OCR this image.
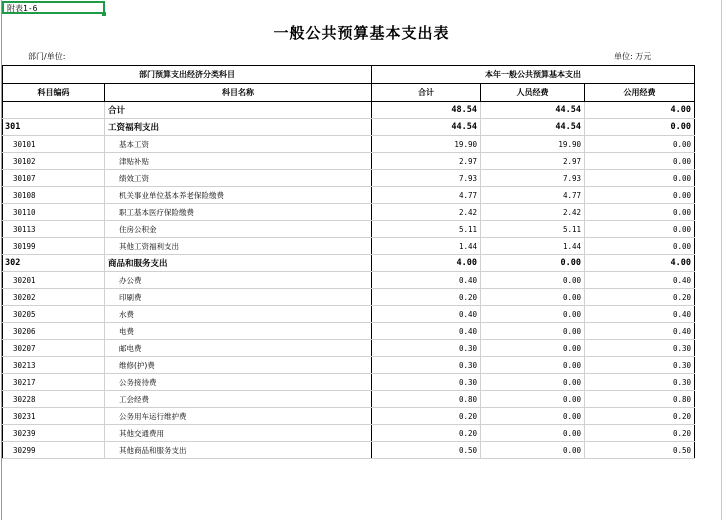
附表1-6
一般公共预算基本支出表
部门/单位:	单位: 万元
部门预算支出经济分类科目		本年一般公共预算基本支出		
科目编码	科目名称	合计	人员经费	公用经费
	合计	48.54	44.54	4.00
301	工资福利支出	44.54	44.54	0.00
30101	基本工资	19.90	19.90	0.00
30102	津贴补贴	2.97	2.97	0.00
30107	绩效工资	7.93	7.93	0.00
30108	机关事业单位基本养老保险缴费	4.77	4.77	0.00
30110	职工基本医疗保险缴费	2.42	2.42	0.00
30113	住房公积金	5.11	5.11	0.00
30199	其他工资福利支出	1.44	1.44	0.00
302	商品和服务支出	4.00	0.00	4.00
30201	办公费	0.40	0.00	0.40
30202	印刷费	0.20	0.00	0.20
30205	水费	0.40	0.00	0.40
30206	电费	0.40	0.00	0.40
30207	邮电费	0.30	0.00	0.30
30213	维修(护)费	0.30	0.00	0.30
30217	公务接待费	0.30	0.00	0.30
30228	工会经费	0.80	0.00	0.80
30231	公务用车运行维护费	0.20	0.00	0.20
30239	其他交通费用	0.20	0.00	0.20
30299	其他商品和服务支出	0.50	0.00	0.50
